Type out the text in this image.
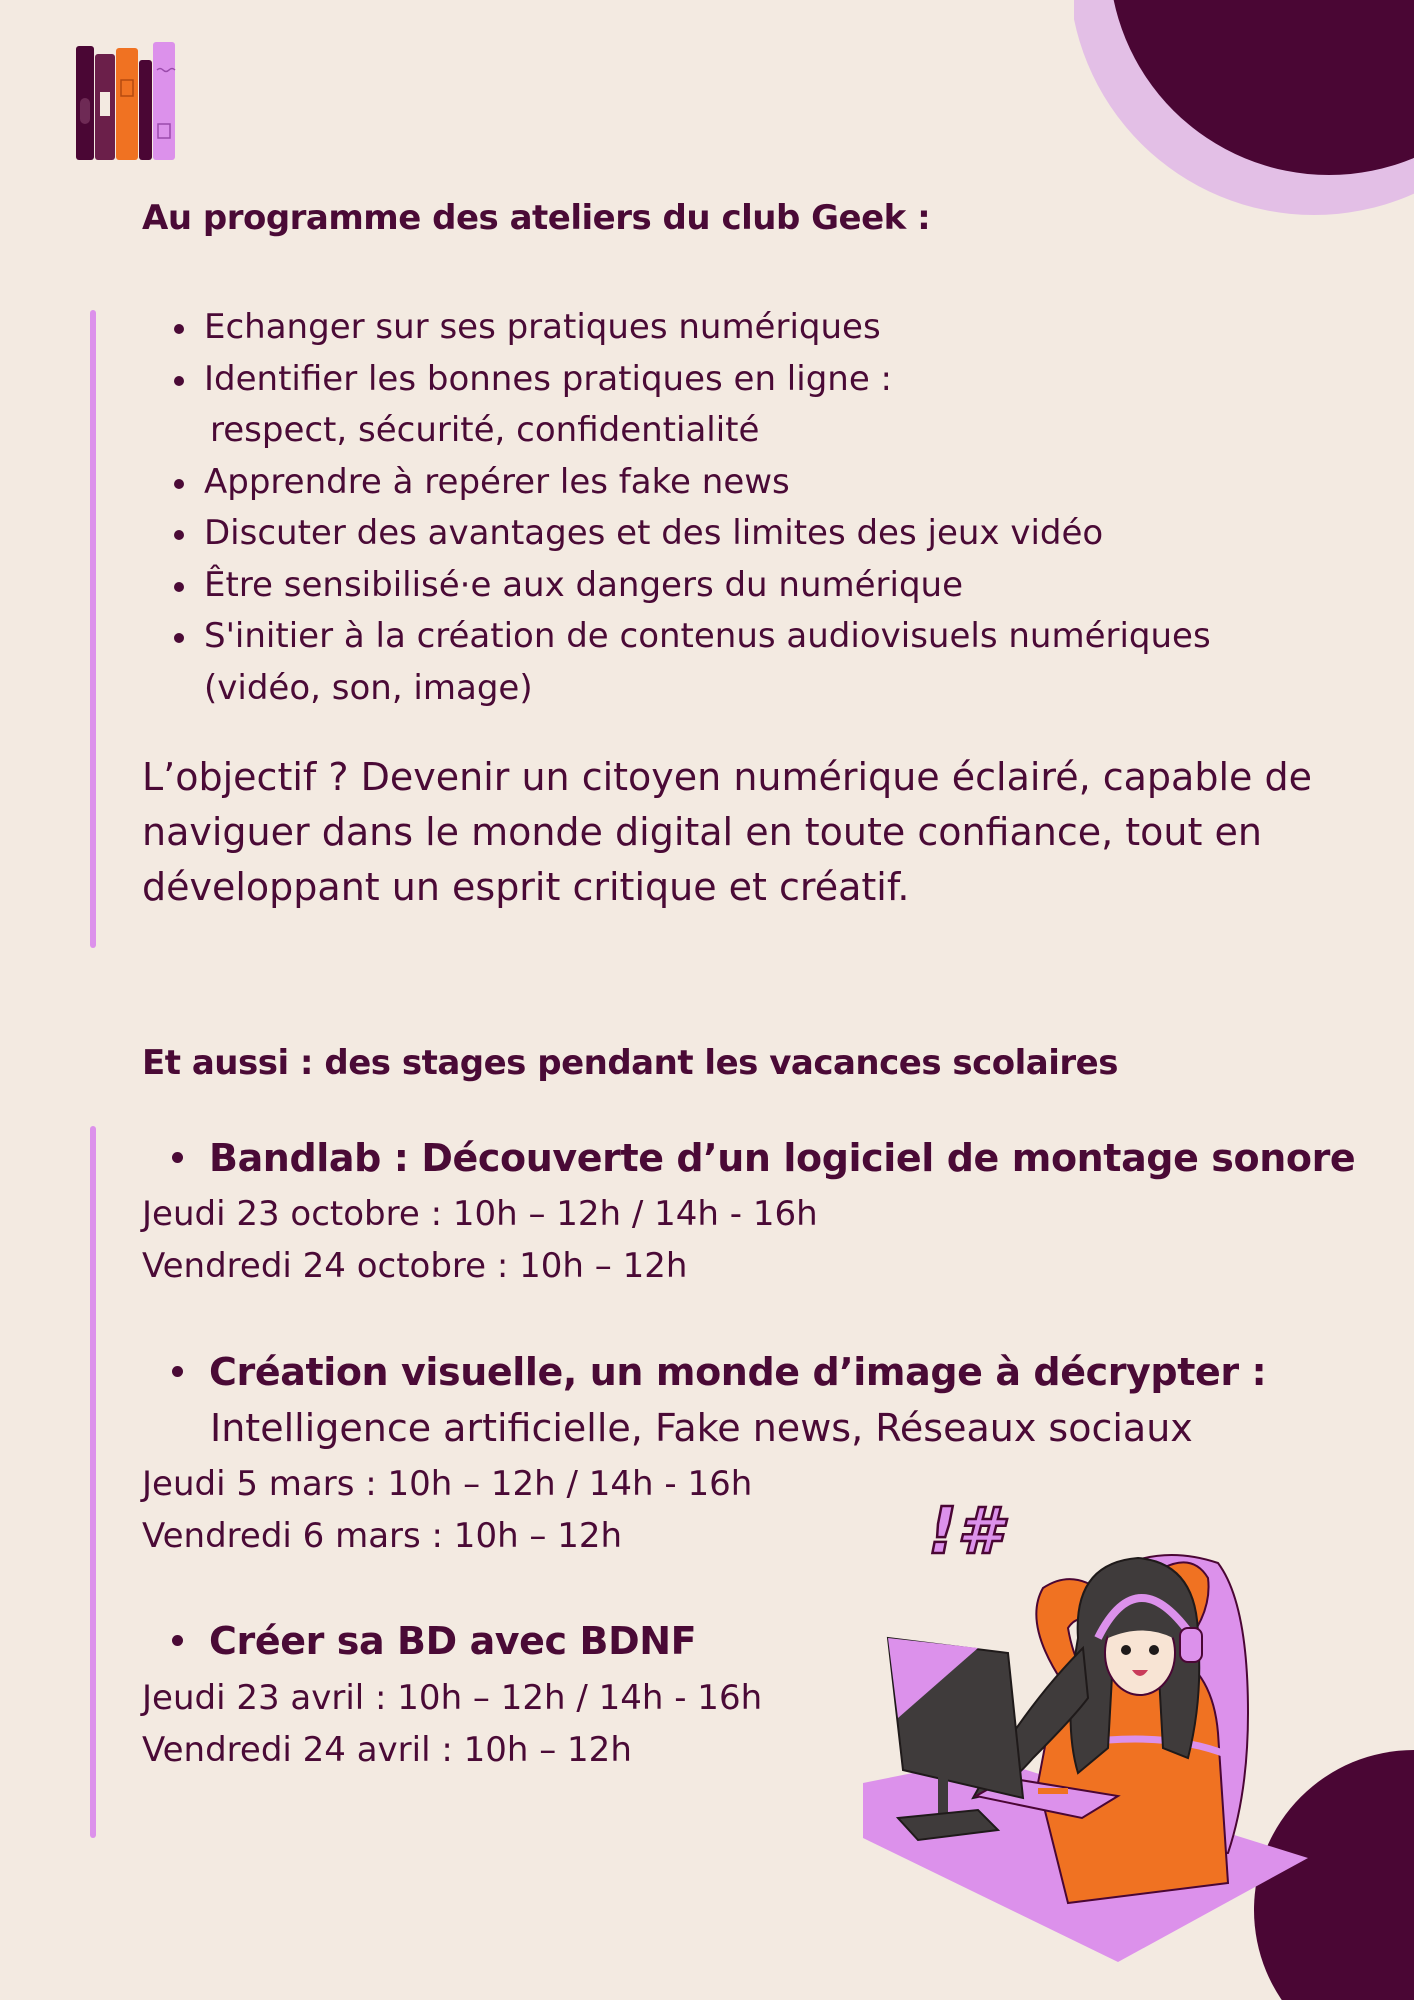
Au programme des ateliers du club Geek :
Echanger sur ses pratiques numériques
Identifier les bonnes pratiques en ligne :
respect, sécurité, confidentialité
Apprendre à repérer les fake news
Discuter des avantages et des limites des jeux vidéo
Être sensibilisé·e aux dangers du numérique
S'initier à la création de contenus audiovisuels numériques
(vidéo, son, image)

L’objectif ? Devenir un citoyen numérique éclairé, capable de naviguer dans le monde digital en toute confiance, tout en développant un esprit critique et créatif.

Et aussi : des stages pendant les vacances scolaires
Bandlab : Découverte d’un logiciel de montage sonore
Jeudi 23 octobre : 10h – 12h / 14h - 16h
Vendredi 24 octobre : 10h – 12h
Création visuelle, un monde d’image à décrypter :
Intelligence artificielle, Fake news, Réseaux sociaux
Jeudi 5 mars : 10h – 12h / 14h - 16h
Vendredi 6 mars : 10h – 12h
Créer sa BD avec BDNF
Jeudi 23 avril : 10h – 12h / 14h - 16h
Vendredi 24 avril : 10h – 12h
!#
